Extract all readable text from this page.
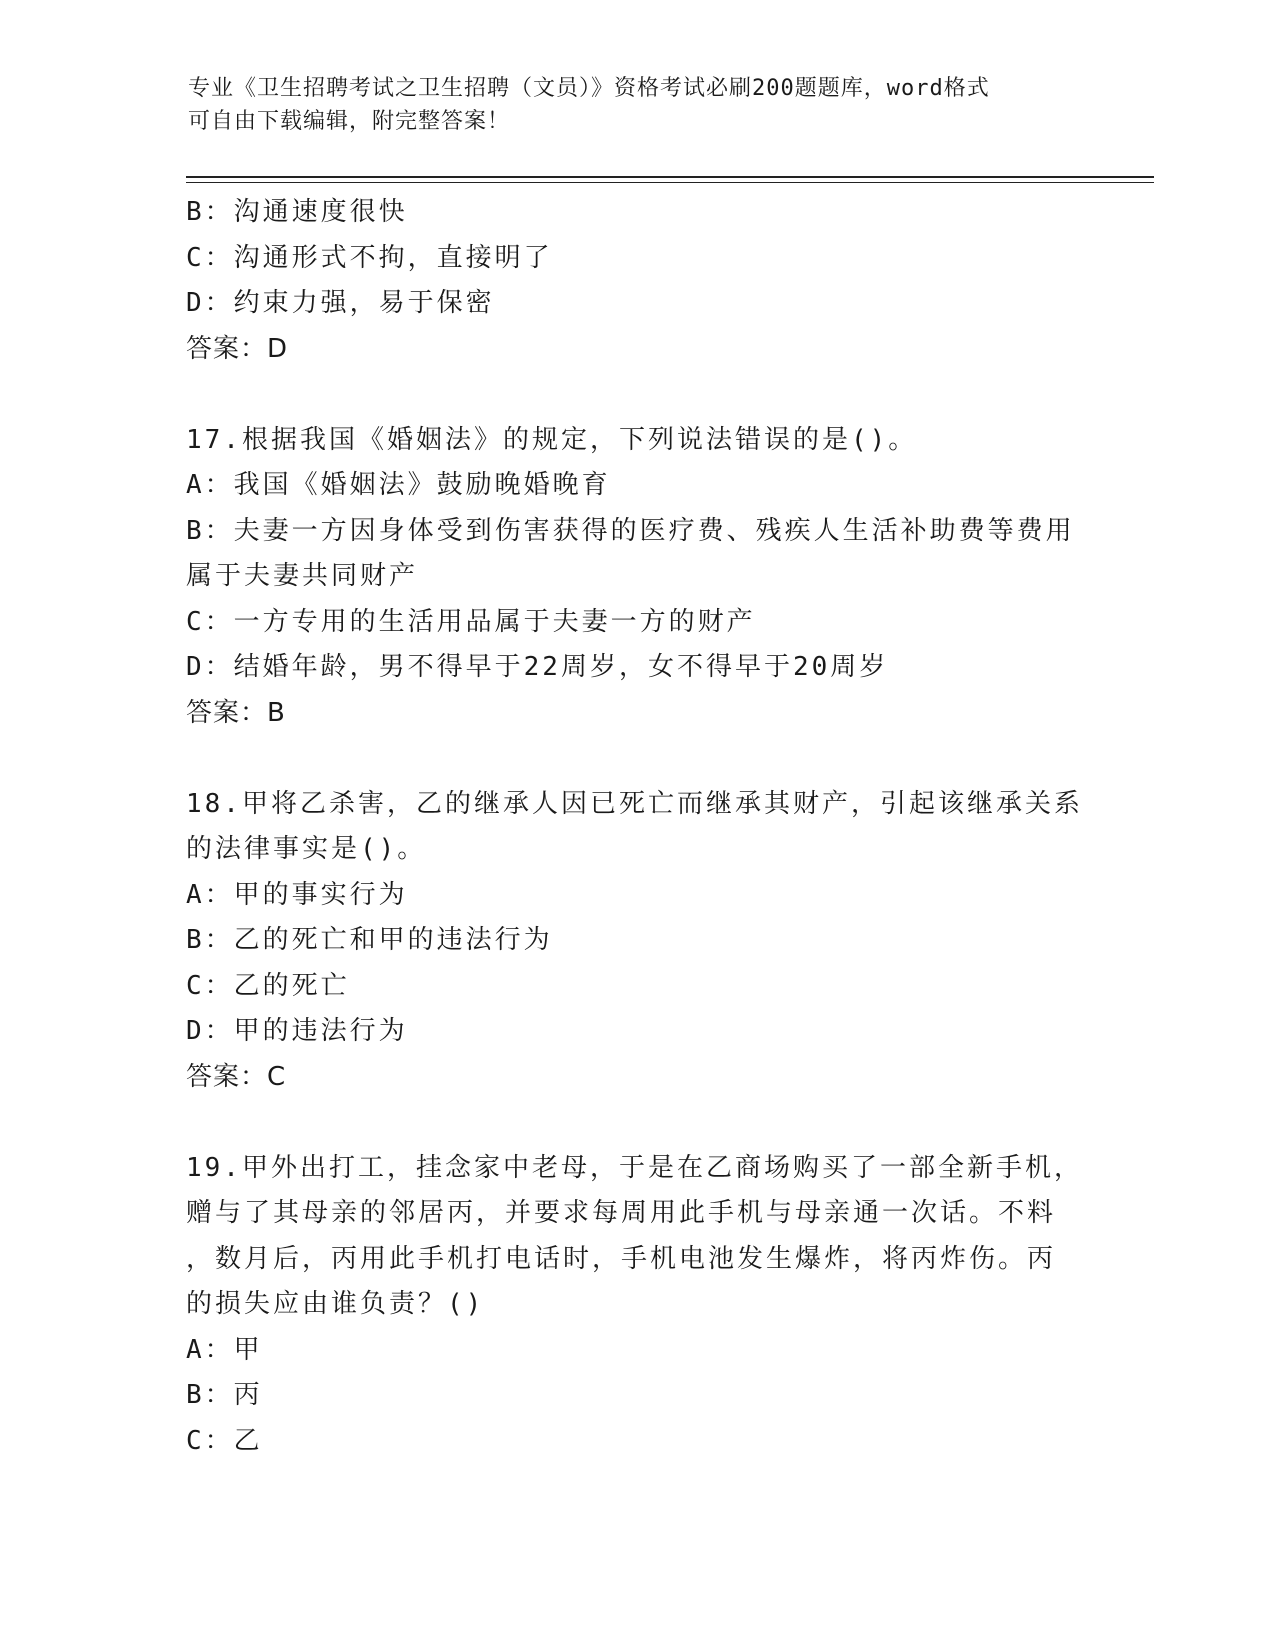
专业《卫生招聘考试之卫生招聘（文员）》资格考试必刷200题题库，word格式
可自由下载编辑，附完整答案！
B：沟通速度很快
C：沟通形式不拘，直接明了
D：约束力强，易于保密
答案：D
17.根据我国《婚姻法》的规定，下列说法错误的是()。
A：我国《婚姻法》鼓励晚婚晚育
B：夫妻一方因身体受到伤害获得的医疗费、残疾人生活补助费等费用
属于夫妻共同财产
C：一方专用的生活用品属于夫妻一方的财产
D：结婚年龄，男不得早于22周岁，女不得早于20周岁
答案：B
18.甲将乙杀害，乙的继承人因已死亡而继承其财产，引起该继承关系
的法律事实是()。
A：甲的事实行为
B：乙的死亡和甲的违法行为
C：乙的死亡
D：甲的违法行为
答案：C
19.甲外出打工，挂念家中老母，于是在乙商场购买了一部全新手机，
赠与了其母亲的邻居丙，并要求每周用此手机与母亲通一次话。不料
，数月后，丙用此手机打电话时，手机电池发生爆炸，将丙炸伤。丙
的损失应由谁负责？()
A：甲
B：丙
C：乙
